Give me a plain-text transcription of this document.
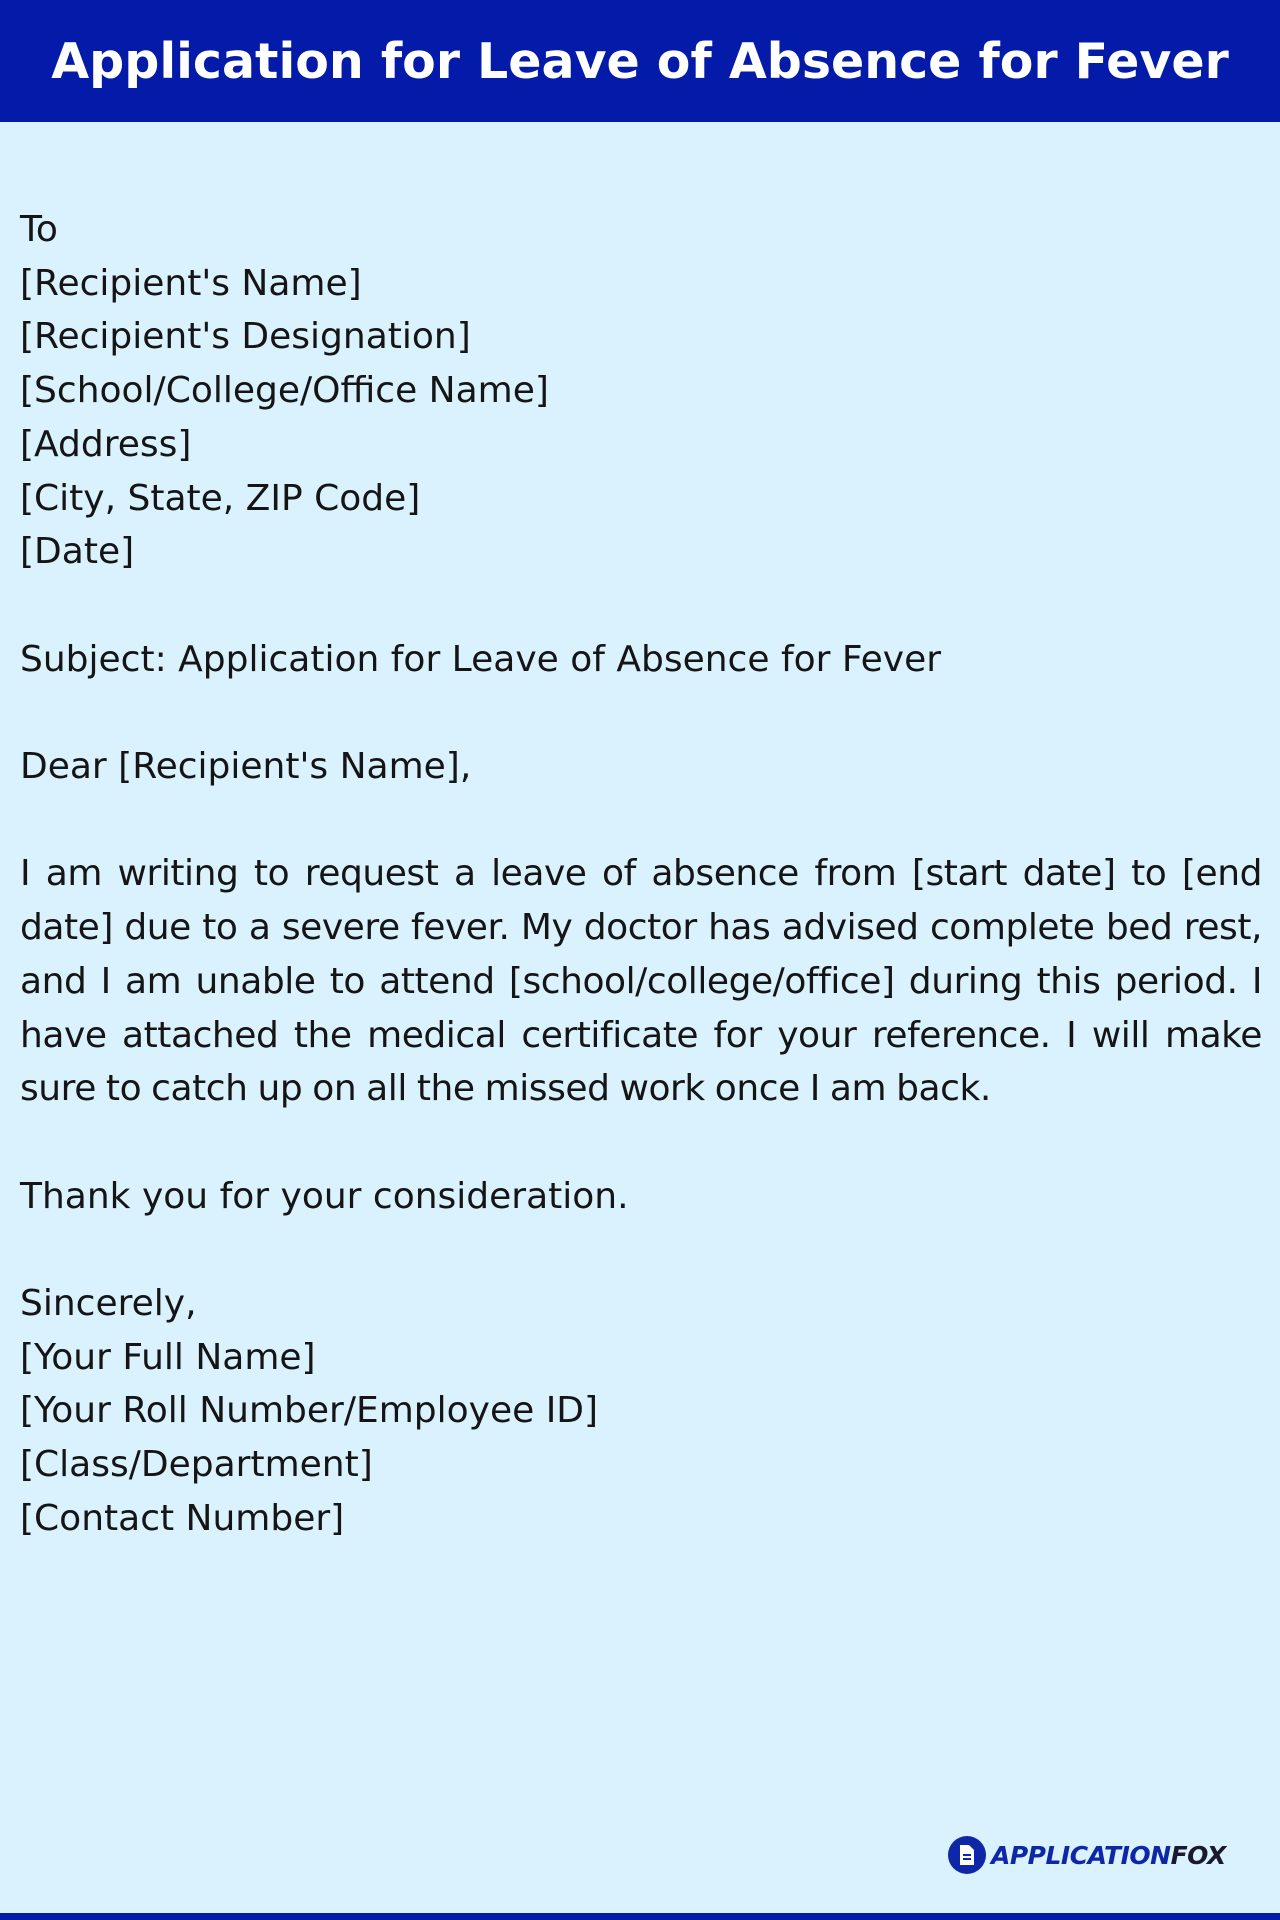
Application for Leave of Absence for Fever
To
[Recipient's Name]
[Recipient's Designation]
[School/College/Office Name]
[Address]
[City, State, ZIP Code]
[Date]
Subject: Application for Leave of Absence for Fever
Dear [Recipient's Name],

I am writing to request a leave of absence from [start date] to [end date] due to a severe fever. My doctor has advised complete bed rest, and I am unable to attend [school/college/office] during this period. I have attached the medical certificate for your reference. I will make sure to catch up on all the missed work once I am back.

Thank you for your consideration.
Sincerely,
[Your Full Name]
[Your Roll Number/Employee ID]
[Class/Department]
[Contact Number]
APPLICATIONFOX
